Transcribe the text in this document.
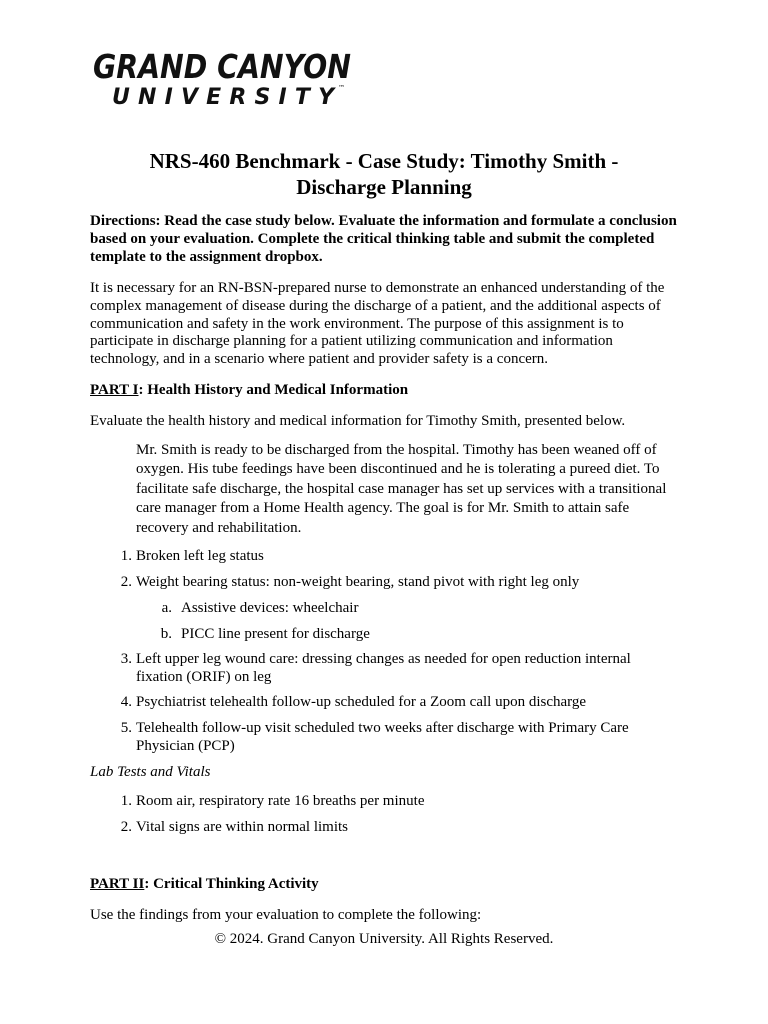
GRAND CANYON
UNIVERSITY ™
NRS-460 Benchmark - Case Study: Timothy Smith -
Discharge Planning
Directions: Read the case study below. Evaluate the information and formulate a conclusion based on your evaluation. Complete the critical thinking table and submit the completed template to the assignment dropbox.
It is necessary for an RN-BSN-prepared nurse to demonstrate an enhanced understanding of the complex management of disease during the discharge of a patient, and the additional aspects of communication and safety in the work environment. The purpose of this assignment is to participate in discharge planning for a patient utilizing communication and information technology, and in a scenario where patient and provider safety is a concern.
PART I: Health History and Medical Information
Evaluate the health history and medical information for Timothy Smith, presented below.
Mr. Smith is ready to be discharged from the hospital. Timothy has been weaned off of oxygen. His tube feedings have been discontinued and he is tolerating a pureed diet. To facilitate safe discharge, the hospital case manager has set up services with a transitional care manager from a Home Health agency. The goal is for Mr. Smith to attain safe recovery and rehabilitation.
1. Broken left leg status
2. Weight bearing status: non-weight bearing, stand pivot with right leg only
a. Assistive devices: wheelchair
b. PICC line present for discharge
3. Left upper leg wound care: dressing changes as needed for open reduction internal fixation (ORIF) on leg
4. Psychiatrist telehealth follow-up scheduled for a Zoom call upon discharge
5. Telehealth follow-up visit scheduled two weeks after discharge with Primary Care Physician (PCP)
Lab Tests and Vitals
1. Room air, respiratory rate 16 breaths per minute
2. Vital signs are within normal limits
PART II: Critical Thinking Activity
Use the findings from your evaluation to complete the following:
© 2024. Grand Canyon University. All Rights Reserved.
